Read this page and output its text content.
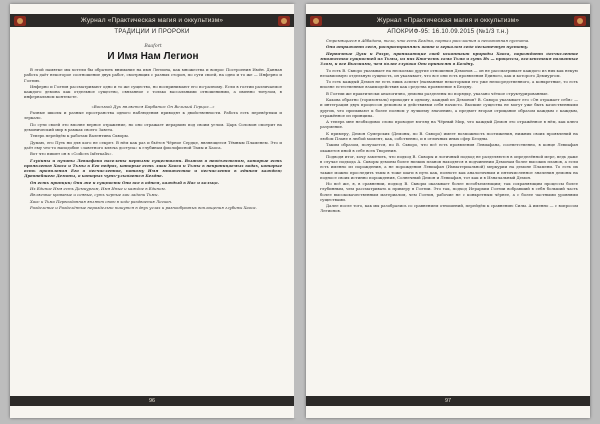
Журнал «Практическая магия и оккультизм»
ТРАДИЦИИ И ПРОРОКИ

Baafort

И Имя Нам Легион

В этой памятке мы хотели бы обратить внимание на имя Легиона, как множества и вопрос Построения Имён. Данная работа даёт некоторое соотношение двух работ, смотрящих с разных сторон, по сути своей, на одно и то же — Инферно и Гоэтию.

Инферно и Гоэтия рассматривают одно и то же существо, но воспринимают его по-разному. Если в гоэтии различаемое каждого демона как отдельное существо, связанное с только вассальными отношениями, а именно титулом, в инфернальном контексте.

«Восьмой Дух является Барбатос Он Великий Герцог...»

Разные школы и разные пространства одного наблюдения приводят к двойственности. Работа есть перевёртыш и зеркало.

По сути своей это вполне верное отражение, но оно отражает иерархию под своим углом. Царь Соломон смотрит на демонический мир в рамках своего Завета.

Теперь перейдём к работам Валентина Скворы.

Думаю, его Путь ни для кого не секрет. В нём как раз и бьётся Чёрное Сердце, являющееся Тёмным Пламенем. Это и даёт ему что-то наподобие «заветного ключа доступа» к глубинам фиолофисной Тьмы и Хаоса.

Вот что пишет он в «Codices Infernalis».

Глубины и пучины Левиафана населены первыми существами. Выжив в необъяснимом, которые есть проявления Хаоса и Тьмы в Его недрах, которые есть лики Хаоса и Тьмы в непроницаемых водах, которые есть проявления Его в бесчисленное, потому Имя множество и бесчисленно в едином каждом; Древнейшего Демоны, о которых чуть-улыбается Бездне.

Он есть принцип; Они же и сущности Они все в одном, каждый в Нас и кольцо.

Их Единое Имя есть Демиургом, Имя Иные и каждое в Едином.

Являемые кровавые и сеявые, суть черные как ладони Тьмы.

Хаос и Тьма Первозданная являют свою в ходе раздвоения Легион.

Разделение и Разделённые нераздельно пишутся в двух углах и разнообразных воплощения глубины Хаоса.

96
Журнал «Практическая магия и оккультизм»
АПОКРИФ-95: 16.10.09.2015 (№1/3 т.н.)

Стремящиеся в Аббадона, тело, что есть Бездна, портал расслоения и непознанная пустота.

Они отражают себя, распространяясь вовне и зеркалом себе бесконечную пустоту.

Первичные Духи и Рахун, проникающие свой исконтакт природы Хаоса, порождают бесчисленное множество сущностей из Тьмы, из них Кто-есть сама Тьма и суть Их — процессы, вселенствия названные Злом, и все Высшими, чем более глубоко Они приносят в Бездну.

То есть В. Скворо указывает на несколько другие отношения Демонов — он не рассматривает каждого из них как некую независимую отдельную сущность, он указывает, что все они есть проявления Единого, как и которого Демиургом.

То есть каждый Демон не есть лишь аспект (названные некоторыми его уже непосредственного, а конкретные, то есть вполне естественные взаимодействия как средства проявление в Бездну.

В Гоэтии же практически аналогично, демоны разделены по порядку, указано чёткое структурированные.

Какова обратно (горизонталь) приходит в одному, каждый из Демонов? В. Скворо указывает его «Он отражает себя» — и интеграция двух процессов демоном и действиями себя начисто. Высшие существа не могут уже быть качественными других, что призывают к более полном у лучшему значению, а предмет вторая отрицание образом каждым с каждым, отражённое из принципа.

А теперь мне необходимо слово проводит взгляд на Чёрный Мир, что каждый Демон это отражённое в нём, как ключ разумение.

К примеру, Демон Сумерских (Демоны, по В. Скворо) имеет возможность постижения, нижних своих проявлений на любом Плане в любой момент, как, собственно, и в отличных иных сфер Бездны.

Таким образом, получается, по В. Скворо, что всё есть проявления Левиафана, соответственно, в конце Левиафан окажется иной в себе всех Творения.

Подводя итог, хочу заметить, что подход В. Скворы и логичный подход не разделяются в определённой мере, ведь даже в случае подхода А. Скворы демоны более низких планов находятся в подчинении Демонам более высоких планов, а если есть именно из порождения, а не порождения Левиафан (Имматериальной) меркурии на демоне Пламени. То есть их также можно проследить тьмы в тоже шаги в путь как, полноте как аналогичным и пятичисленное значения демоны на подносе своих истинно порождения, Солнечный Демон и Левиафан, тот как и в Изначальный Демон.

Но всё же, я, в сравнении, подход В. Скворы оказывает более всеобъемлющим; так сохраняющим процессы более глубинным, чем рассматривать к примеру в Гоэтии. Это так, подход Иерархии Гоэтии вобравший в себя больший часть более высококачественным материалом, чем Гоэтия, рабочие не с конкретным чёрнее, а с более частными уровнями существами.

Далее после того, как мы разобрались со сравнением отношений, перейдём к сравнению Силы. А именно — с вопросом Легионов.

97
